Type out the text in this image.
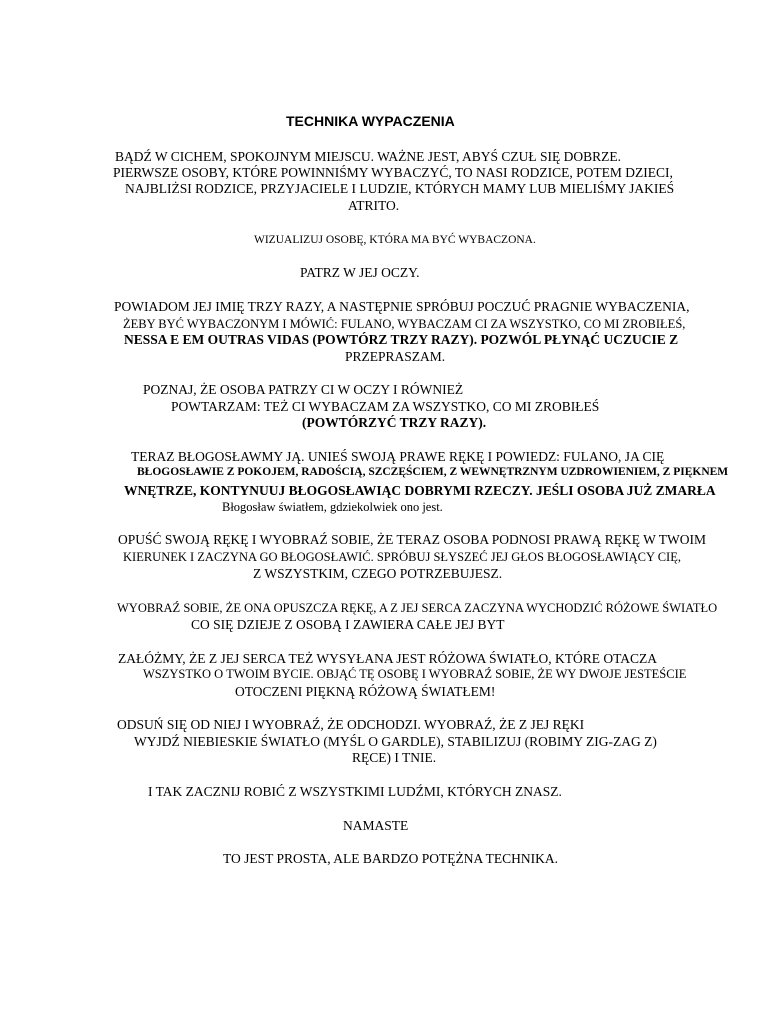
TECHNIKA WYPACZENIA
BĄDŹ W CICHEM, SPOKOJNYM MIEJSCU. WAŻNE JEST, ABYŚ CZUŁ SIĘ DOBRZE.
PIERWSZE OSOBY, KTÓRE POWINNIŚMY WYBACZYĆ, TO NASI RODZICE, POTEM DZIECI,
NAJBLIŻSI RODZICE, PRZYJACIELE I LUDZIE, KTÓRYCH MAMY LUB MIELIŚMY JAKIEŚ
ATRITO.
WIZUALIZUJ OSOBĘ, KTÓRA MA BYĆ WYBACZONA.
PATRZ W JEJ OCZY.
POWIADOM JEJ IMIĘ TRZY RAZY, A NASTĘPNIE SPRÓBUJ POCZUĆ PRAGNIE WYBACZENIA,
ŻEBY BYĆ WYBACZONYM I MÓWIĆ: FULANO, WYBACZAM CI ZA WSZYSTKO, CO MI ZROBIŁEŚ,
NESSA E EM OUTRAS VIDAS (POWTÓRZ TRZY RAZY). POZWÓL PŁYNĄĆ UCZUCIE Z
PRZEPRASZAM.
POZNAJ, ŻE OSOBA PATRZY CI W OCZY I RÓWNIEŻ
POWTARZAM: TEŻ CI WYBACZAM ZA WSZYSTKO, CO MI ZROBIŁEŚ
(POWTÓRZYĆ TRZY RAZY).
TERAZ BŁOGOSŁAWMY JĄ. UNIEŚ SWOJĄ PRAWE RĘKĘ I POWIEDZ: FULANO, JA CIĘ
BŁOGOSŁAWIE Z POKOJEM, RADOŚCIĄ, SZCZĘŚCIEM, Z WEWNĘTRZNYM UZDROWIENIEM, Z PIĘKNEM
WNĘTRZE, KONTYNUUJ BŁOGOSŁAWIĄC DOBRYMI RZECZY. JEŚLI OSOBA JUŻ ZMARŁA
Błogosław światłem, gdziekolwiek ono jest.
OPUŚĆ SWOJĄ RĘKĘ I WYOBRAŹ SOBIE, ŻE TERAZ OSOBA PODNOSI PRAWĄ RĘKĘ W TWOIM
KIERUNEK I ZACZYNA GO BŁOGOSŁAWIĆ. SPRÓBUJ SŁYSZEĆ JEJ GŁOS BŁOGOSŁAWIĄCY CIĘ,
Z WSZYSTKIM, CZEGO POTRZEBUJESZ.
WYOBRAŹ SOBIE, ŻE ONA OPUSZCZA RĘKĘ, A Z JEJ SERCA ZACZYNA WYCHODZIĆ RÓŻOWE ŚWIATŁO
CO SIĘ DZIEJE Z OSOBĄ I ZAWIERA CAŁE JEJ BYT
ZAŁÓŻMY, ŻE Z JEJ SERCA TEŻ WYSYŁANA JEST RÓŻOWA ŚWIATŁO, KTÓRE OTACZA
WSZYSTKO O TWOIM BYCIE. OBJĄĆ TĘ OSOBĘ I WYOBRAŹ SOBIE, ŻE WY DWOJE JESTEŚCIE
OTOCZENI PIĘKNĄ RÓŻOWĄ ŚWIATŁEM!
ODSUŃ SIĘ OD NIEJ I WYOBRAŹ, ŻE ODCHODZI. WYOBRAŹ, ŻE Z JEJ RĘKI
WYJDŹ NIEBIESKIE ŚWIATŁO (MYŚL O GARDLE), STABILIZUJ (ROBIMY ZIG-ZAG Z)
RĘCE) I TNIE.
I TAK ZACZNIJ ROBIĆ Z WSZYSTKIMI LUDŹMI, KTÓRYCH ZNASZ.
NAMASTE
TO JEST PROSTA, ALE BARDZO POTĘŻNA TECHNIKA.
